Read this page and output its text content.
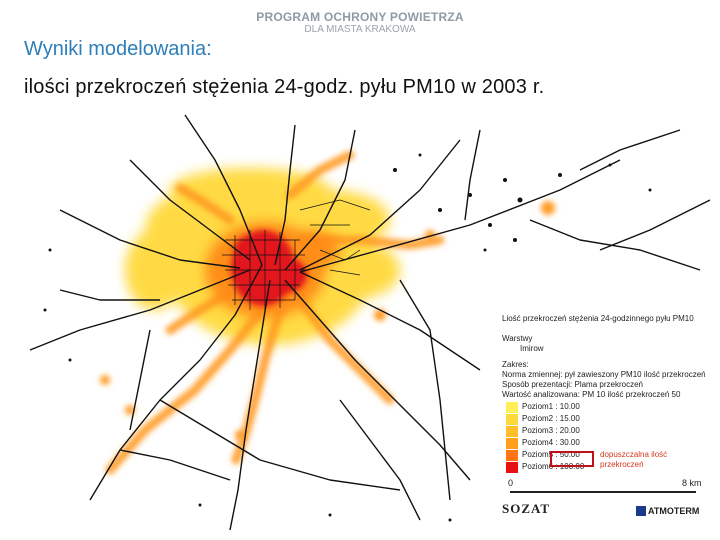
PROGRAM OCHRONY POWIETRZA
DLA MIASTA KRAKOWA
Wyniki modelowania:
ilości przekroczeń stężenia 24-godz. pyłu PM10 w 2003 r.
Liość przekroczeń stężenia 24-godzinnego pyłu PM10
Warstwy
Imirow
Zakres:
Norma zmiennej: pył zawieszony PM10 ilość przekroczeń
Sposób prezentacji: Plama przekroczeń
Wartość analizowana: PM 10 ilość przekroczeń 50
Poziom1 : 10.00
Poziom2 : 15.00
Poziom3 : 20.00
Poziom4 : 30.00
Poziom5 : 50.00
Poziom6 : 100.00
dopuszczalna ilość
przekroczeń
0	8 km
SOZAT	ATMOTERM
